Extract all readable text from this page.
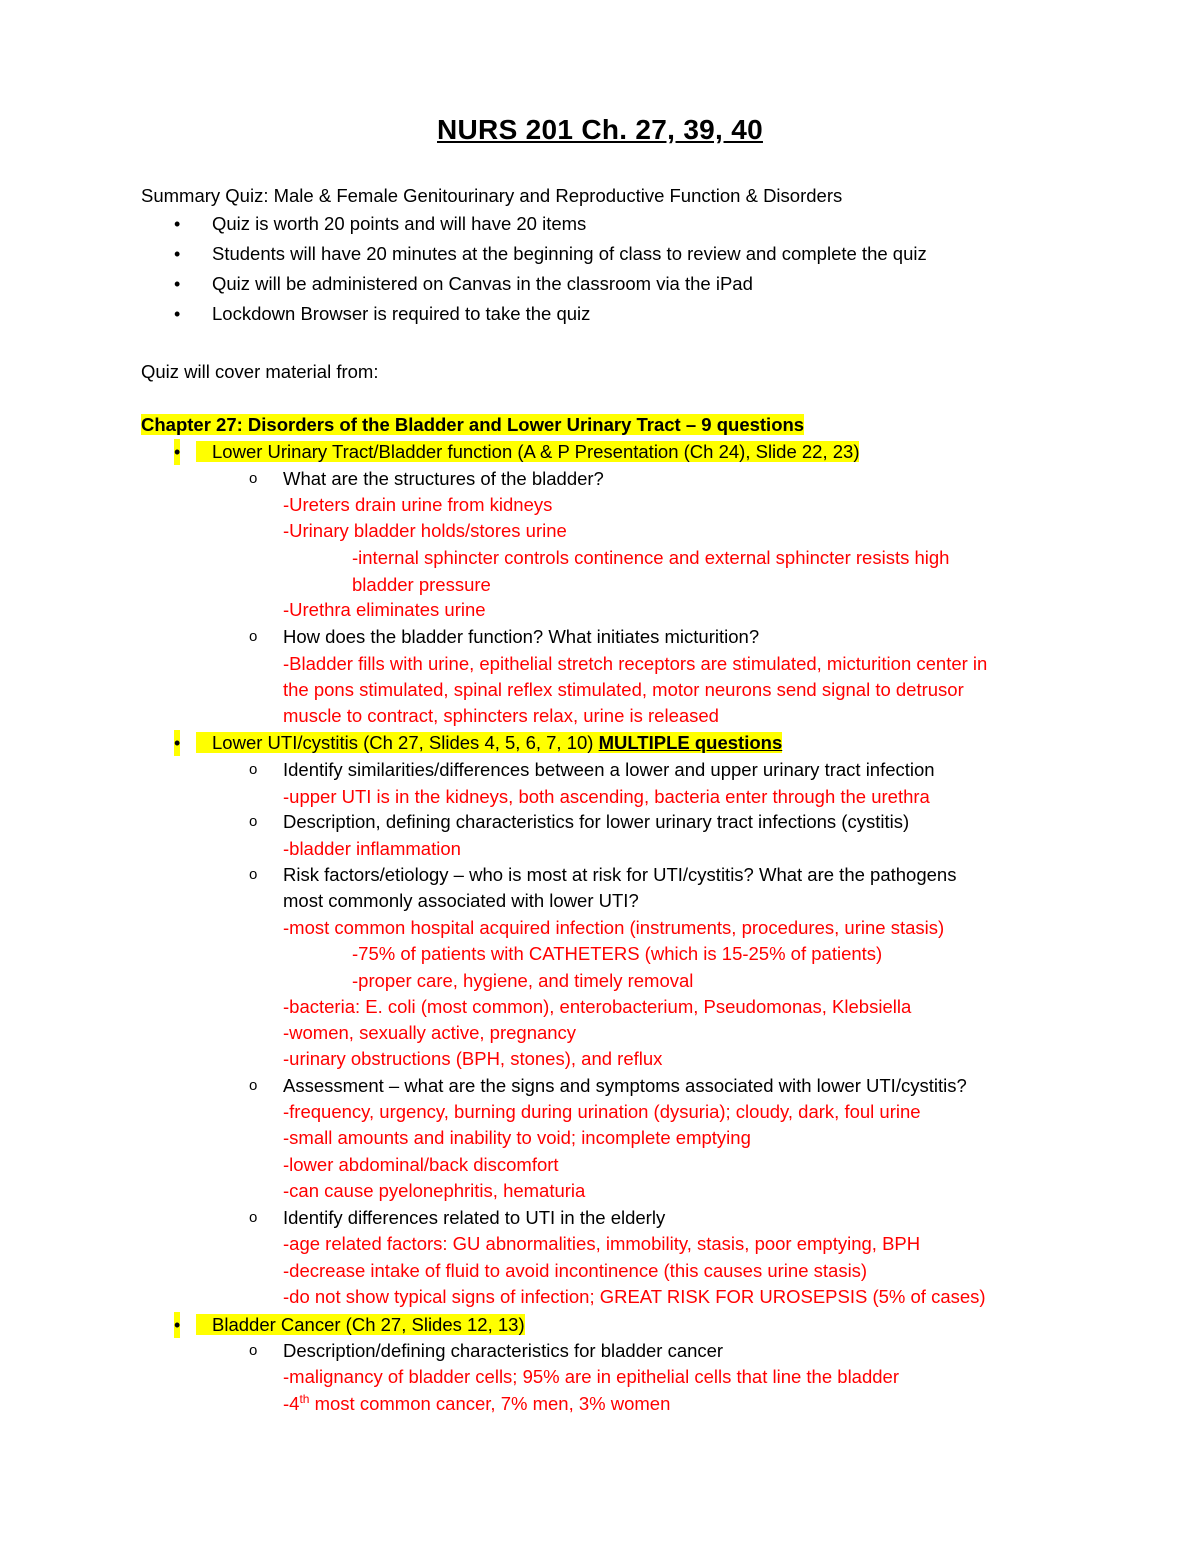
NURS 201 Ch. 27, 39, 40
Summary Quiz: Male & Female Genitourinary and Reproductive Function & Disorders
• Quiz is worth 20 points and will have 20 items
• Students will have 20 minutes at the beginning of class to review and complete the quiz
• Quiz will be administered on Canvas in the classroom via the iPad
• Lockdown Browser is required to take the quiz
Quiz will cover material from:
Chapter 27: Disorders of the Bladder and Lower Urinary Tract – 9 questions
•	Lower Urinary Tract/Bladder function (A & P Presentation (Ch 24), Slide 22, 23)
o What are the structures of the bladder?
-Ureters drain urine from kidneys
-Urinary bladder holds/stores urine
-internal sphincter controls continence and external sphincter resists high
bladder pressure
-Urethra eliminates urine
o How does the bladder function? What initiates micturition?
-Bladder fills with urine, epithelial stretch receptors are stimulated, micturition center in
the pons stimulated, spinal reflex stimulated, motor neurons send signal to detrusor
muscle to contract, sphincters relax, urine is released
•	Lower UTI/cystitis (Ch 27, Slides 4, 5, 6, 7, 10) MULTIPLE questions
o Identify similarities/differences between a lower and upper urinary tract infection
-upper UTI is in the kidneys, both ascending, bacteria enter through the urethra
o Description, defining characteristics for lower urinary tract infections (cystitis)
-bladder inflammation
o Risk factors/etiology – who is most at risk for UTI/cystitis? What are the pathogens
most commonly associated with lower UTI?
-most common hospital acquired infection (instruments, procedures, urine stasis)
-75% of patients with CATHETERS (which is 15-25% of patients)
-proper care, hygiene, and timely removal
-bacteria: E. coli (most common), enterobacterium, Pseudomonas, Klebsiella
-women, sexually active, pregnancy
-urinary obstructions (BPH, stones), and reflux
o Assessment – what are the signs and symptoms associated with lower UTI/cystitis?
-frequency, urgency, burning during urination (dysuria); cloudy, dark, foul urine
-small amounts and inability to void; incomplete emptying
-lower abdominal/back discomfort
-can cause pyelonephritis, hematuria
o Identify differences related to UTI in the elderly
-age related factors: GU abnormalities, immobility, stasis, poor emptying, BPH
-decrease intake of fluid to avoid incontinence (this causes urine stasis)
-do not show typical signs of infection; GREAT RISK FOR UROSEPSIS (5% of cases)
•	Bladder Cancer (Ch 27, Slides 12, 13)
o Description/defining characteristics for bladder cancer
-malignancy of bladder cells; 95% are in epithelial cells that line the bladder
-4th most common cancer, 7% men, 3% women
